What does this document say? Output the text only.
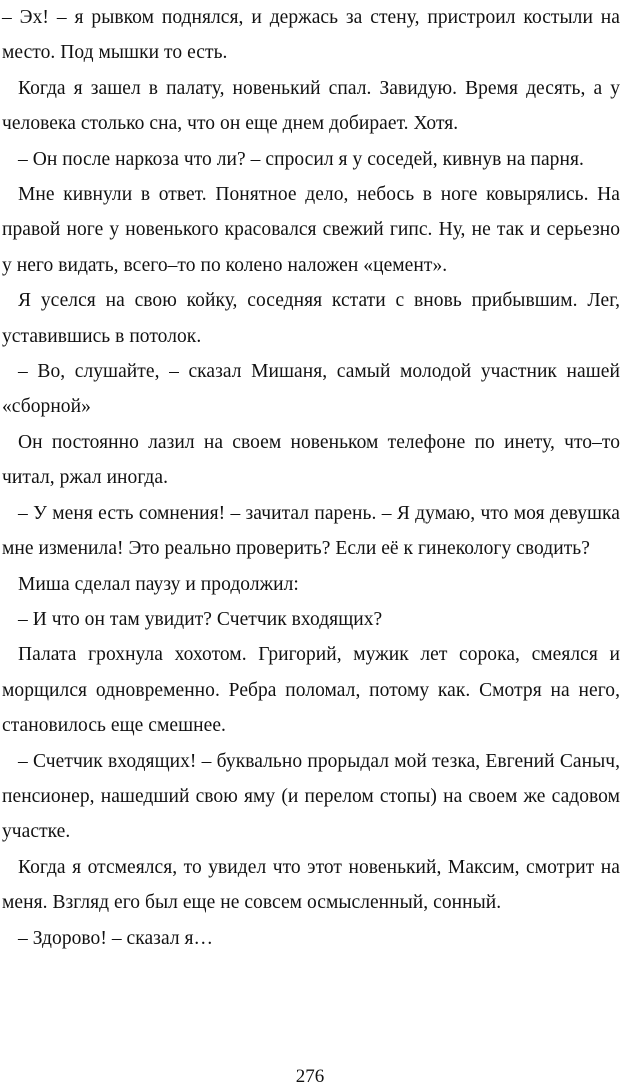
– Эх! – я рывком поднялся, и держась за стену, пристроил костыли на место. Под мышки то есть.

Когда я зашел в палату, новенький спал. Завидую. Время десять, а у человека столько сна, что он еще днем добирает. Хотя.

– Он после наркоза что ли? – спросил я у соседей, кивнув на парня.

Мне кивнули в ответ. Понятное дело, небось в ноге ковырялись. На правой ноге у новенького красовался свежий гипс. Ну, не так и серьезно у него видать, всего–то по колено наложен «цемент».

Я уселся на свою койку, соседняя кстати с вновь прибывшим. Лег, уставившись в потолок.

– Во, слушайте, – сказал Мишаня, самый молодой участник нашей «сборной»

Он постоянно лазил на своем новеньком телефоне по инету, что–то читал, ржал иногда.

– У меня есть сомнения! – зачитал парень. – Я думаю, что моя девушка мне изменила! Это реально проверить? Если её к гинекологу сводить?

Миша сделал паузу и продолжил:

– И что он там увидит? Счетчик входящих?

Палата грохнула хохотом. Григорий, мужик лет сорока, смеялся и морщился одновременно. Ребра поломал, потому как. Смотря на него, становилось еще смешнее.

– Счетчик входящих! – буквально прорыдал мой тезка, Евгений Саныч, пенсионер, нашедший свою яму (и перелом стопы) на своем же садовом участке.

Когда я отсмеялся, то увидел что этот новенький, Максим, смотрит на меня. Взгляд его был еще не совсем осмысленный, сонный.

– Здорово! – сказал я…

276
